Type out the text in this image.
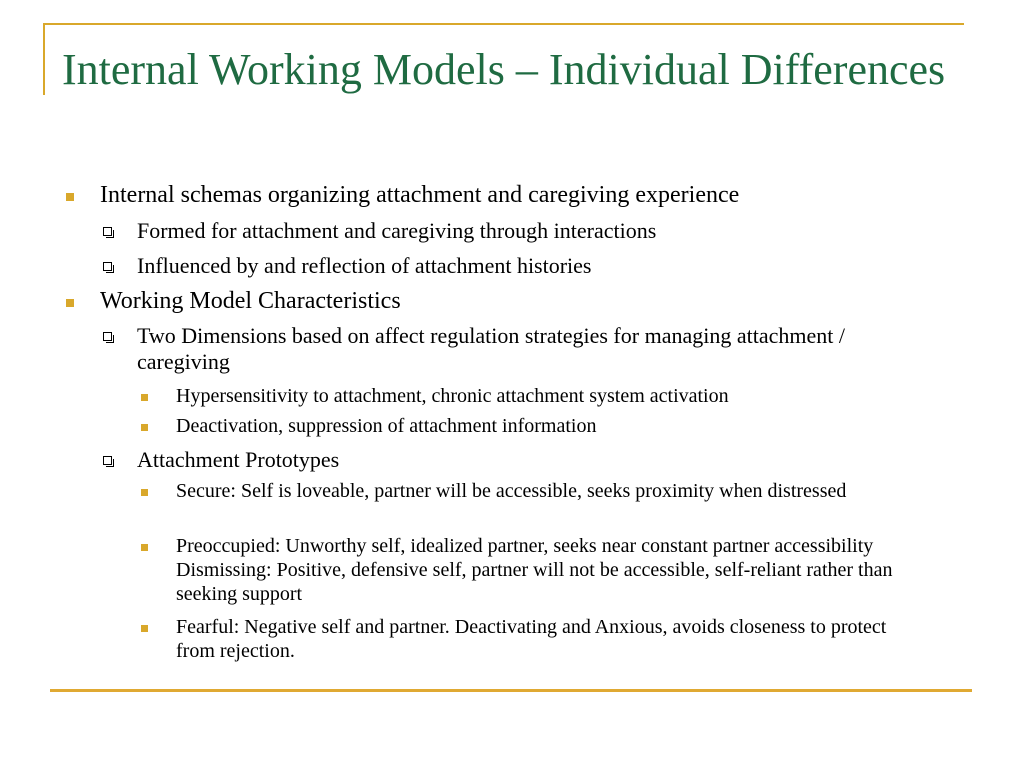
Internal Working Models – Individual Differences
Internal schemas organizing attachment and caregiving experience
Formed for attachment and caregiving through interactions
Influenced by and reflection of attachment histories
Working Model Characteristics
Two Dimensions based on affect regulation strategies for managing attachment / caregiving
Hypersensitivity to attachment, chronic attachment system activation
Deactivation, suppression of attachment information
Attachment Prototypes
Secure: Self is loveable, partner will be accessible, seeks proximity when distressed
Preoccupied: Unworthy self, idealized partner, seeks near constant partner accessibility Dismissing: Positive, defensive self, partner will not be accessible, self-reliant rather than seeking support
Fearful: Negative self and partner. Deactivating and Anxious, avoids closeness to protect from rejection.
